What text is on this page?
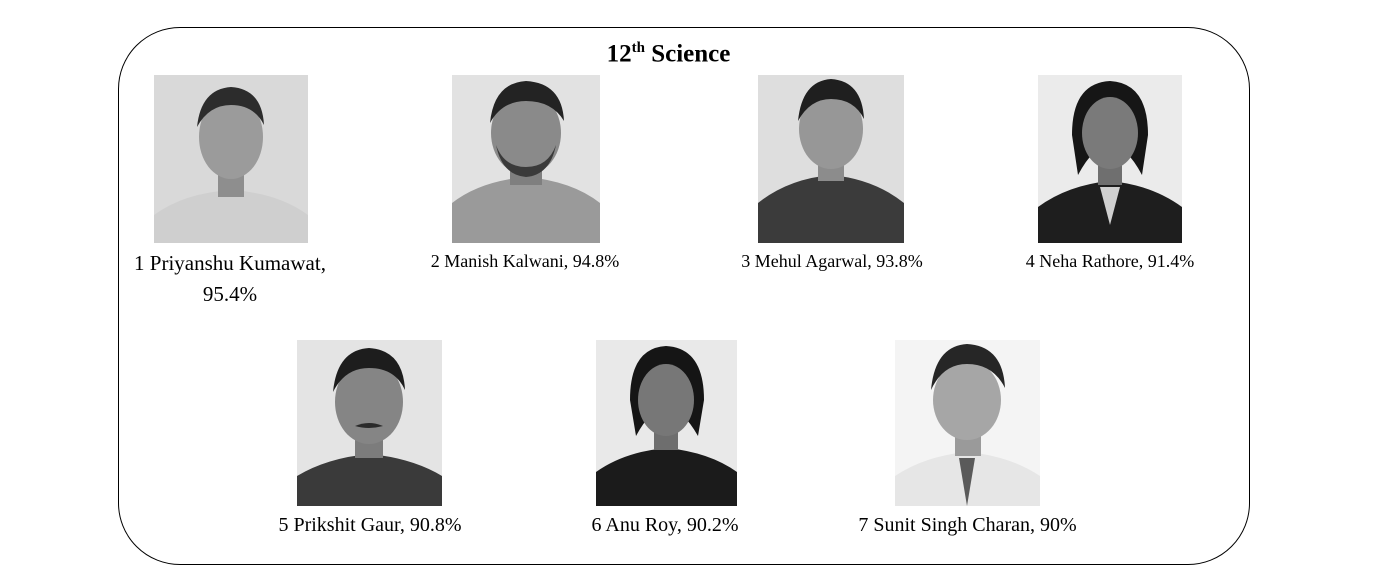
12th Science
1 Priyanshu Kumawat,
95.4%
2 Manish Kalwani, 94.8%	3 Mehul Agarwal, 93.8%	4 Neha Rathore, 91.4%
5 Prikshit Gaur, 90.8%	6 Anu Roy, 90.2%	7 Sunit Singh Charan, 90%
